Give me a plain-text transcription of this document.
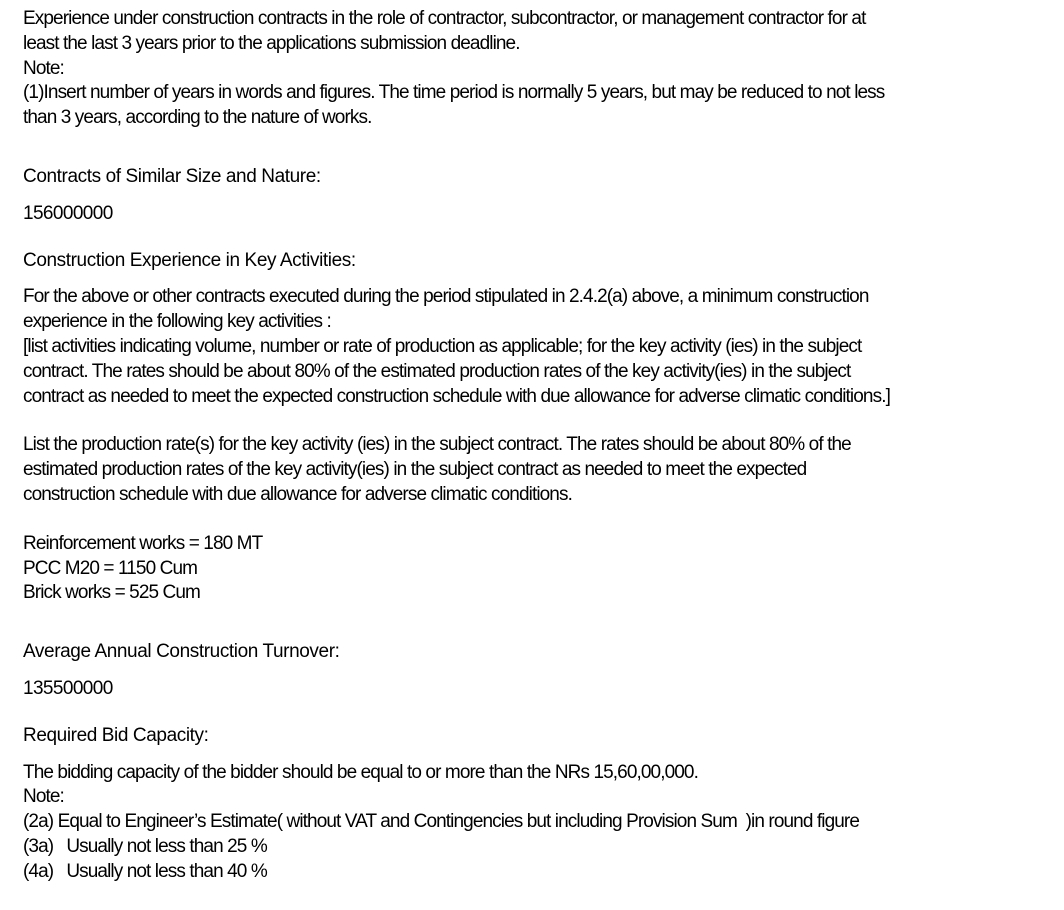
Experience under construction contracts in the role of contractor, subcontractor, or management contractor for at
least the last 3 years prior to the applications submission deadline.
Note:
(1)Insert number of years in words and figures. The time period is normally 5 years, but may be reduced to not less
than 3 years, according to the nature of works.
Contracts of Similar Size and Nature:
156000000
Construction Experience in Key Activities:
For the above or other contracts executed during the period stipulated in 2.4.2(a) above, a minimum construction
experience in the following key activities :
[list activities indicating volume, number or rate of production as applicable; for the key activity (ies) in the subject
contract. The rates should be about 80% of the estimated production rates of the key activity(ies) in the subject
contract as needed to meet the expected construction schedule with due allowance for adverse climatic conditions.]
List the production rate(s) for the key activity (ies) in the subject contract. The rates should be about 80% of the
estimated production rates of the key activity(ies) in the subject contract as needed to meet the expected
construction schedule with due allowance for adverse climatic conditions.
Reinforcement works = 180 MT
PCC M20 = 1150 Cum
Brick works = 525 Cum
Average Annual Construction Turnover:
135500000
Required Bid Capacity:
The bidding capacity of the bidder should be equal to or more than the NRs 15,60,00,000.
Note:
(2a) Equal to Engineer’s Estimate( without VAT and Contingencies but including Provision Sum  )in round figure
(3a)   Usually not less than 25 %
(4a)   Usually not less than 40 %
